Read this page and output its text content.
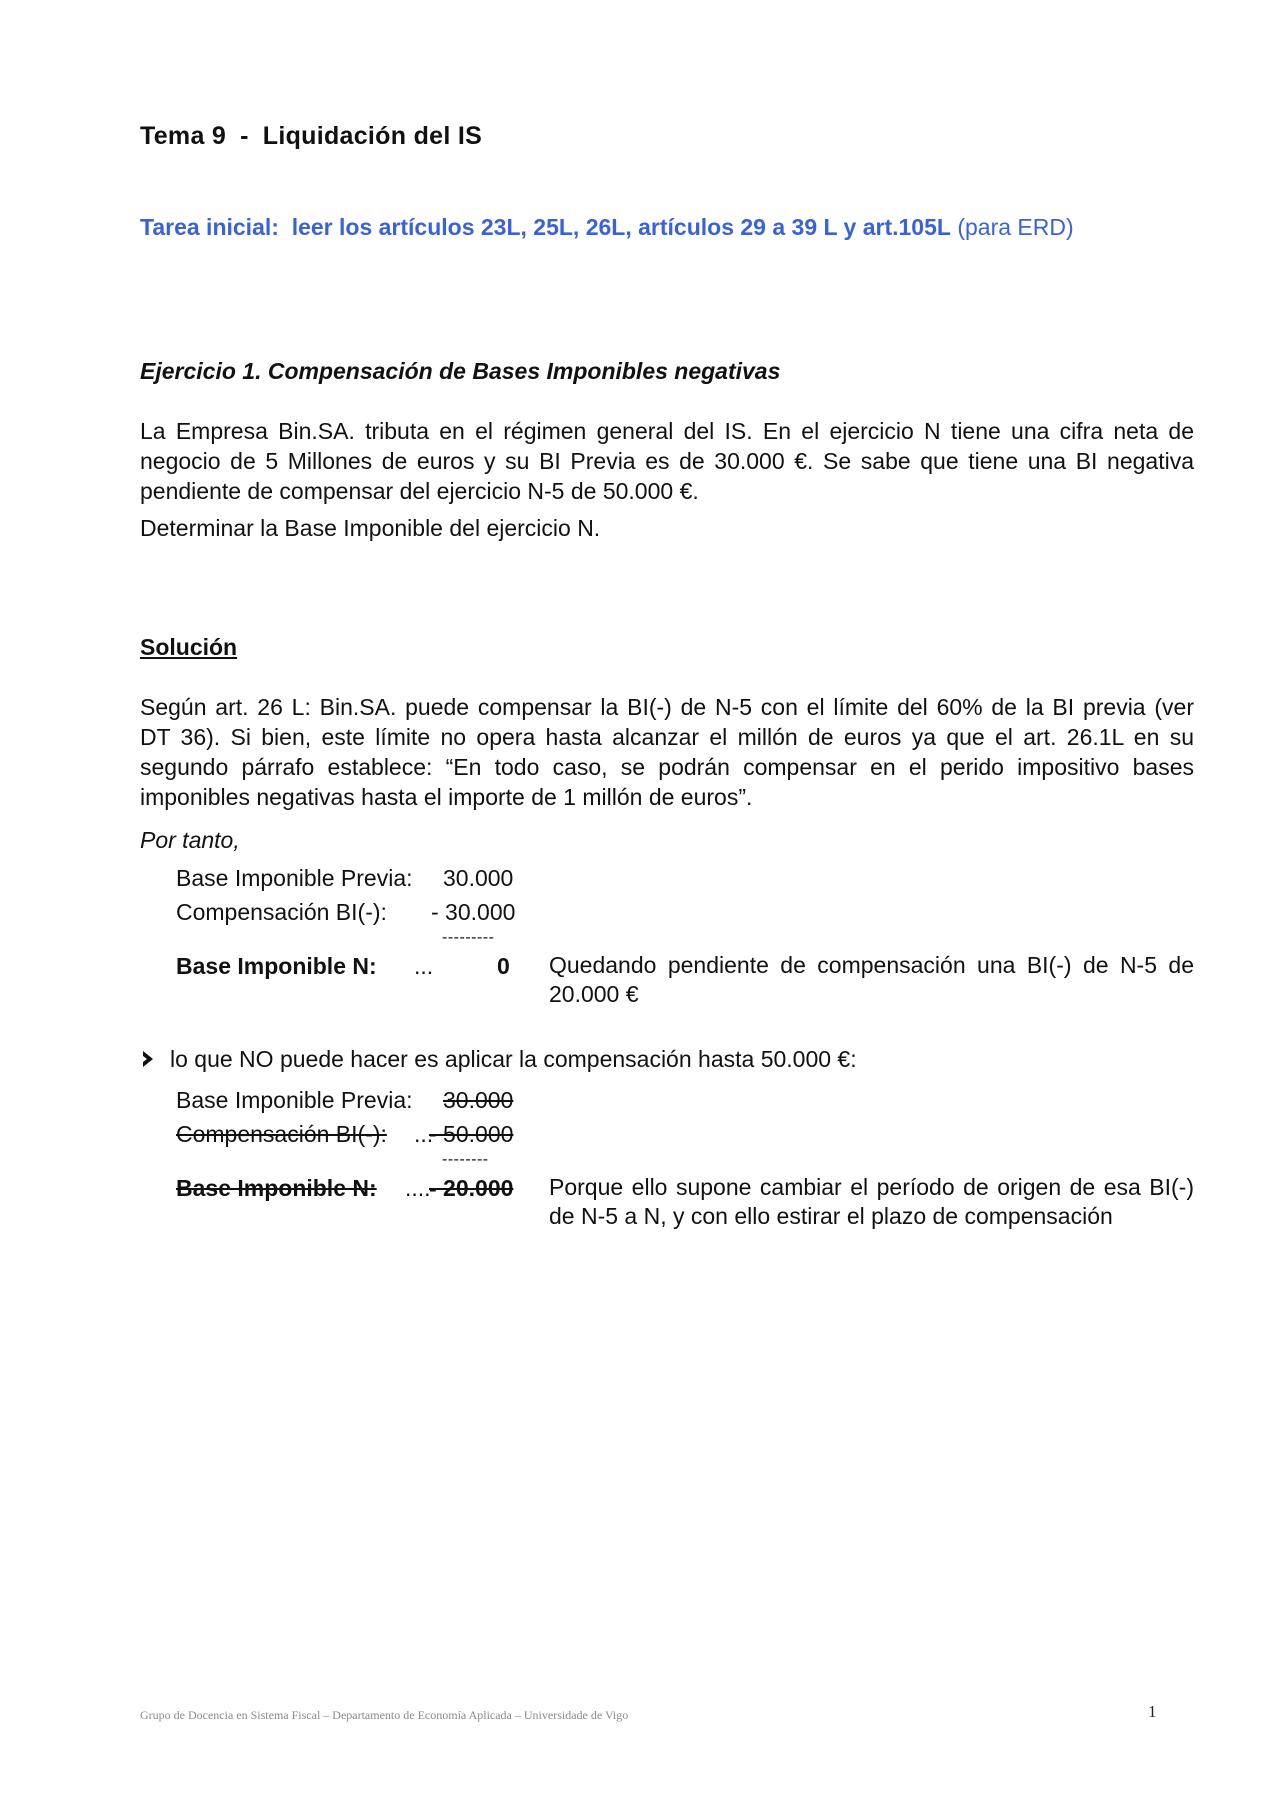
Tema 9 - Liquidación del IS
Tarea inicial: leer los artículos 23L, 25L, 26L, artículos 29 a 39 L y art.105L (para ERD)
Ejercicio 1. Compensación de Bases Imponibles negativas
La Empresa Bin.SA. tributa en el régimen general del IS. En el ejercicio N tiene una cifra neta de
negocio de 5 Millones de euros y su BI Previa es de 30.000 €. Se sabe que tiene una BI negativa
pendiente de compensar del ejercicio N-5 de 50.000 €.
Determinar la Base Imponible del ejercicio N.
Solución
Según art. 26 L: Bin.SA. puede compensar la BI(-) de N-5 con el límite del 60% de la BI previa (ver
DT 36). Si bien, este límite no opera hasta alcanzar el millón de euros ya que el art. 26.1L en su
segundo párrafo establece: “En todo caso, se podrán compensar en el perido impositivo bases
imponibles negativas hasta el importe de 1 millón de euros”.
Por tanto,
Base Imponible Previa: 30.000
Compensación BI(-): - 30.000
---------
Base Imponible N: ...	0 Quedando pendiente de compensación una BI(-) de N-5 de
20.000 €
lo que NO puede hacer es aplicar la compensación hasta 50.000 €:
Base Imponible Previa: 30.000
Compensación BI(-): ...
- 50.000
--------
Base Imponible N: ....
- 20.000 Porque ello supone cambiar el período de origen de esa BI(-)
de N-5 a N, y con ello estirar el plazo de compensación
Grupo de Docencia en Sistema Fiscal – Departamento de Economía Aplicada – Universidade de Vigo	1
